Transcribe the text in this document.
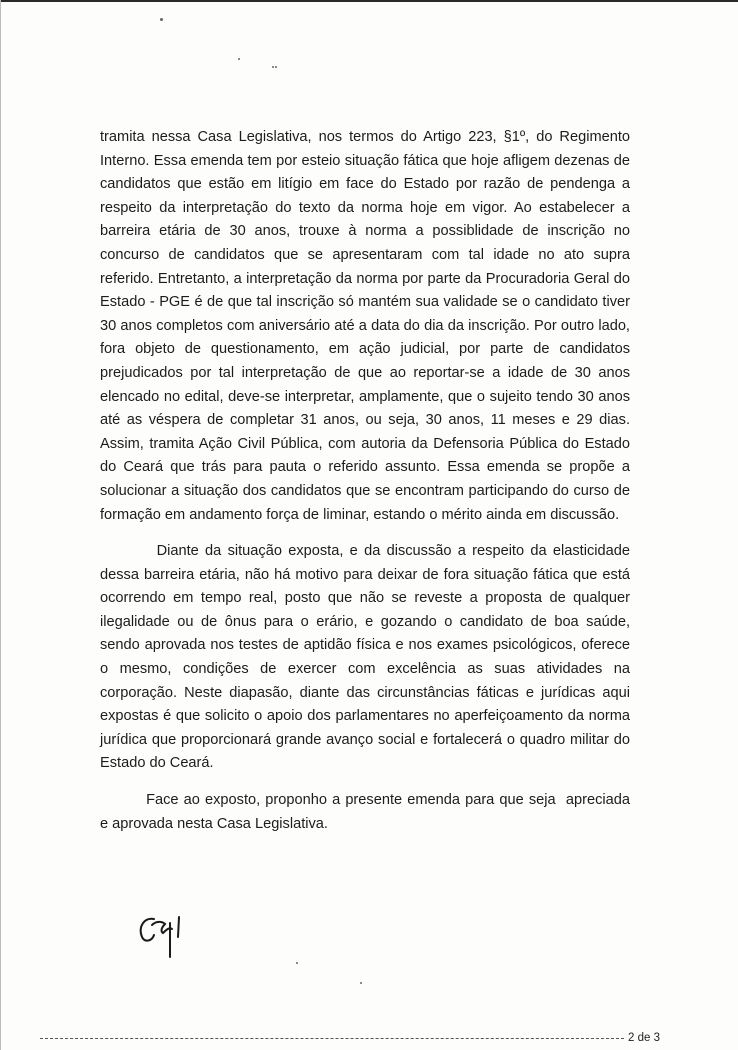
tramita nessa Casa Legislativa, nos termos do Artigo 223, §1º, do Regimento
Interno. Essa emenda tem por esteio situação fática que hoje afligem dezenas de
candidatos que estão em litígio em face do Estado por razão de pendenga a
respeito da interpretação do texto da norma hoje em vigor. Ao estabelecer a
barreira etária de 30 anos, trouxe à norma a possiblidade de inscrição no
concurso de candidatos que se apresentaram com tal idade no ato supra
referido. Entretanto, a interpretação da norma por parte da Procuradoria Geral do
Estado - PGE é de que tal inscrição só mantém sua validade se o candidato tiver
30 anos completos com aniversário até a data do dia da inscrição. Por outro lado,
fora objeto de questionamento, em ação judicial, por parte de candidatos
prejudicados por tal interpretação de que ao reportar-se a idade de 30 anos
elencado no edital, deve-se interpretar, amplamente, que o sujeito tendo 30 anos
até as véspera de completar 31 anos, ou seja, 30 anos, 11 meses e 29 dias.
Assim, tramita Ação Civil Pública, com autoria da Defensoria Pública do Estado
do Ceará que trás para pauta o referido assunto. Essa emenda se propõe a
solucionar a situação dos candidatos que se encontram participando do curso de
formação em andamento força de liminar, estando o mérito ainda em discussão.
Diante da situação exposta, e da discussão a respeito da elasticidade
dessa barreira etária, não há motivo para deixar de fora situação fática que está
ocorrendo em tempo real, posto que não se reveste a proposta de qualquer
ilegalidade ou de ônus para o erário, e gozando o candidato de boa saúde,
sendo aprovada nos testes de aptidão física e nos exames psicológicos, oferece
o mesmo, condições de exercer com excelência as suas atividades na
corporação. Neste diapasão, diante das circunstâncias fáticas e jurídicas aqui
expostas é que solicito o apoio dos parlamentares no aperfeiçoamento da norma
jurídica que proporcionará grande avanço social e fortalecerá o quadro militar do
Estado do Ceará.
Face ao exposto, proponho a presente emenda para que seja  apreciada
e aprovada nesta Casa Legislativa.
2 de 3
